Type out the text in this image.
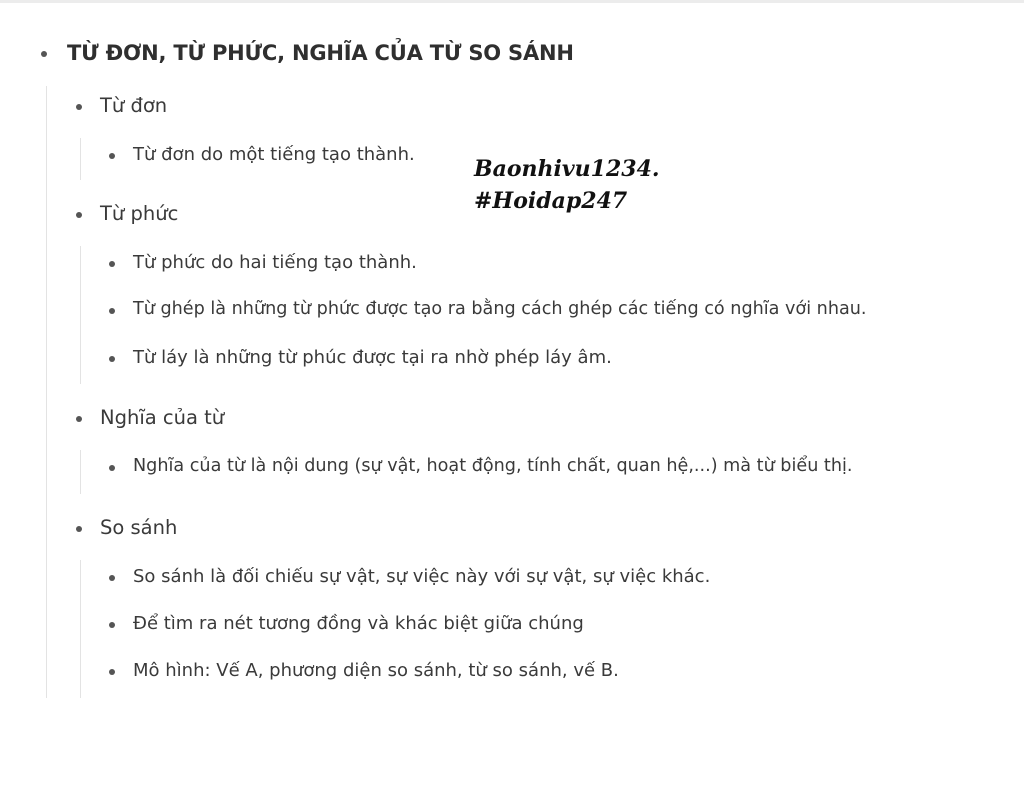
TỪ ĐƠN, TỪ PHỨC, NGHĨA CỦA TỪ SO SÁNH
Từ đơn
Từ đơn do một tiếng tạo thành.
Từ phức
Từ phức do hai tiếng tạo thành.
Từ ghép là những từ phức được tạo ra bằng cách ghép các tiếng có nghĩa với nhau.
Từ láy là những từ phúc được tại ra nhờ phép láy âm.
Nghĩa của từ
Nghĩa của từ là nội dung (sự vật, hoạt động, tính chất, quan hệ,...) mà từ biểu thị.
So sánh
So sánh là đối chiếu sự vật, sự việc này với sự vật, sự việc khác.
Để tìm ra nét tương đồng và khác biệt giữa chúng
Mô hình: Vế A, phương diện so sánh, từ so sánh, vế B.
Baonhivu1234.
#Hoidap247
